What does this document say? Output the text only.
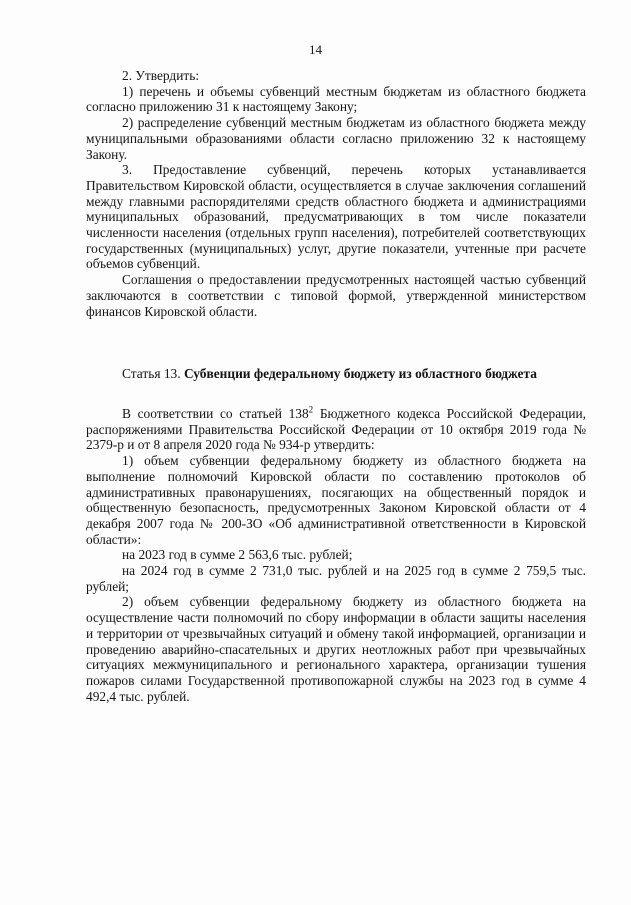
14

2. Утвердить:

1) перечень и объемы субвенций местным бюджетам из областного бюджета согласно приложению 31 к настоящему Закону;

2) распределение субвенций местным бюджетам из областного бюджета между муниципальными образованиями области согласно приложению 32 к настоящему Закону.

3. Предоставление субвенций, перечень которых устанавливается Правительством Кировской области, осуществляется в случае заключения соглашений между главными распорядителями средств областного бюджета и администрациями муниципальных образований, предусматривающих в том числе показатели численности населения (отдельных групп населения), потребителей соответствующих государственных (муниципальных) услуг, другие показатели, учтенные при расчете объемов субвенций.

Соглашения о предоставлении предусмотренных настоящей частью субвенций заключаются в соответствии с типовой формой, утвержденной министерством финансов Кировской области.

Статья 13. Субвенции федеральному бюджету из областного бюджета

В соответствии со статьей $138^2$ Бюджетного кодекса Российской Федерации, распоряжениями Правительства Российской Федерации от 10 октября 2019 года № 2379-р и от 8 апреля 2020 года № 934-р утвердить:

1) объем субвенции федеральному бюджету из областного бюджета на выполнение полномочий Кировской области по составлению протоколов об административных правонарушениях, посягающих на общественный порядок и общественную безопасность, предусмотренных Законом Кировской области от 4 декабря 2007 года № 200-ЗО «Об административной ответственности в Кировской области»:

на 2023 год в сумме 2 563,6 тыс. рублей;

на 2024 год в сумме 2 731,0 тыс. рублей и на 2025 год в сумме 2 759,5 тыс. рублей;

2) объем субвенции федеральному бюджету из областного бюджета на осуществление части полномочий по сбору информации в области защиты населения и территории от чрезвычайных ситуаций и обмену такой информацией, организации и проведению аварийно-спасательных и других неотложных работ при чрезвычайных ситуациях межмуниципального и регионального характера, организации тушения пожаров силами Государственной противопожарной службы на 2023 год в сумме 4 492,4 тыс. рублей.
